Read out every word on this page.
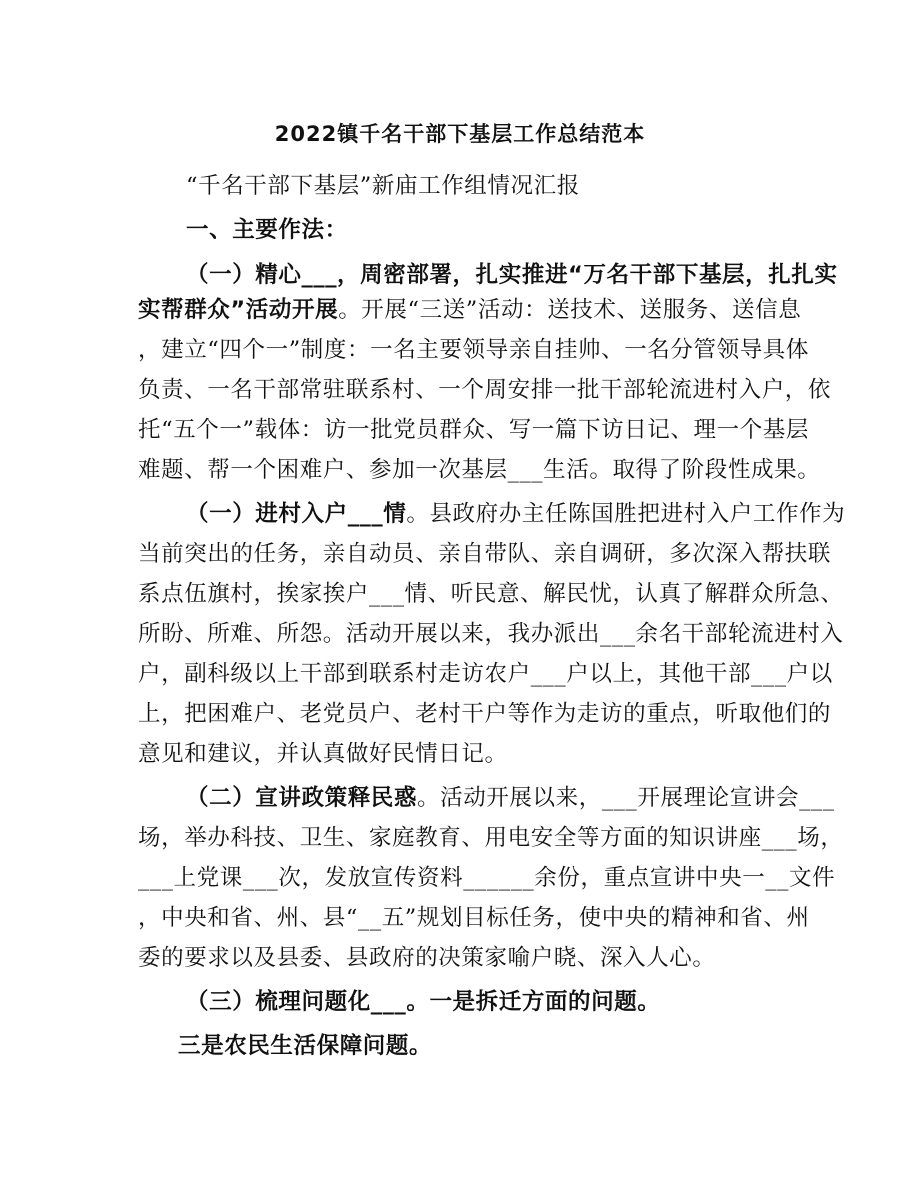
2022镇千名干部下基层工作总结范本
“千名干部下基层”新庙工作组情况汇报
一、主要作法：
（一）精心___，周密部署，扎实推进“万名干部下基层，扎扎实
实帮群众”活动开展。开展“三送”活动：送技术、送服务、送信息
，建立“四个一”制度：一名主要领导亲自挂帅、一名分管领导具体
负责、一名干部常驻联系村、一个周安排一批干部轮流进村入户，依
托“五个一”载体：访一批党员群众、写一篇下访日记、理一个基层
难题、帮一个困难户、参加一次基层___生活。取得了阶段性成果。
（一）进村入户___情。县政府办主任陈国胜把进村入户工作作为
当前突出的任务，亲自动员、亲自带队、亲自调研，多次深入帮扶联
系点伍旗村，挨家挨户___情、听民意、解民忧，认真了解群众所急、
所盼、所难、所怨。活动开展以来，我办派出___余名干部轮流进村入
户，副科级以上干部到联系村走访农户___户以上，其他干部___户以
上，把困难户、老党员户、老村干户等作为走访的重点，听取他们的
意见和建议，并认真做好民情日记。
（二）宣讲政策释民惑。活动开展以来，___开展理论宣讲会___
场，举办科技、卫生、家庭教育、用电安全等方面的知识讲座___场，
___上党课___次，发放宣传资料______余份，重点宣讲中央一__文件
，中央和省、州、县“__五”规划目标任务，使中央的精神和省、州
委的要求以及县委、县政府的决策家喻户晓、深入人心。
（三）梳理问题化___。一是拆迁方面的问题。
三是农民生活保障问题。
